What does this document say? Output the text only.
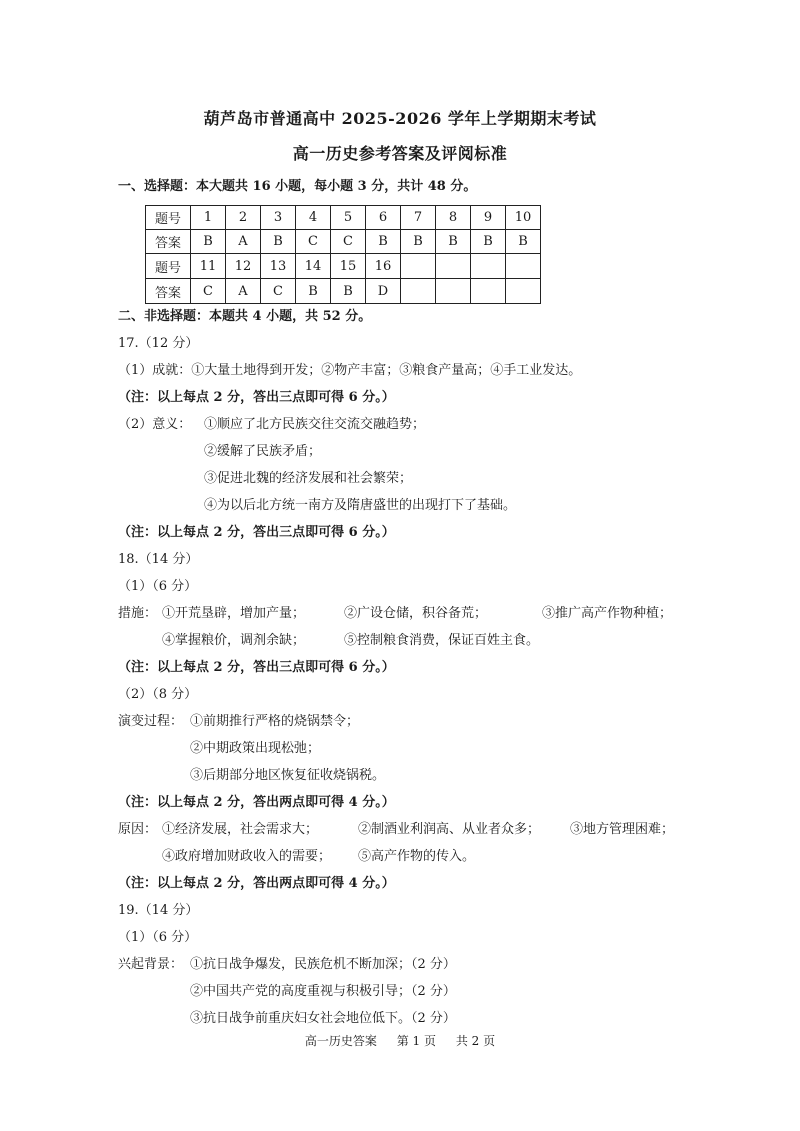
葫芦岛市普通高中 2025-2026 学年上学期期末考试
高一历史参考答案及评阅标准
一、选择题：本大题共 16 小题，每小题 3 分，共计 48 分。
题号	1	2	3	4	5	6	7	8	9	10
答案	B	A	B	C	C	B	B	B	B	B
题号	11	12	13	14	15	16				
答案	C	A	C	B	B	D				
二、非选择题：本题共 4 小题，共 52 分。
17.（12 分）
（1）成就：①大量土地得到开发；②物产丰富；③粮食产量高；④手工业发达。
（注：以上每点 2 分，答出三点即可得 6 分。）
（2）意义： ①顺应了北方民族交往交流交融趋势；
②缓解了民族矛盾；
③促进北魏的经济发展和社会繁荣；
④为以后北方统一南方及隋唐盛世的出现打下了基础。
（注：以上每点 2 分，答出三点即可得 6 分。）
18.（14 分）
（1）（6 分）
措施： ①开荒垦辟，增加产量；	②广设仓储，积谷备荒；	③推广高产作物种植；
④掌握粮价，调剂余缺；	⑤控制粮食消费，保证百姓主食。
（注：以上每点 2 分，答出三点即可得 6 分。）
（2）（8 分）
演变过程： ①前期推行严格的烧锅禁令；
②中期政策出现松弛；
③后期部分地区恢复征收烧锅税。
（注：以上每点 2 分，答出两点即可得 4 分。）
原因： ①经济发展，社会需求大；	②制酒业利润高、从业者众多； ③地方管理困难；
④政府增加财政收入的需要； ⑤高产作物的传入。
（注：以上每点 2 分，答出两点即可得 4 分。）
19.（14 分）
（1）（6 分）
兴起背景： ①抗日战争爆发，民族危机不断加深；（2 分）
②中国共产党的高度重视与积极引导；（2 分）
③抗日战争前重庆妇女社会地位低下。（2 分）
高一历史答案 第 1 页 共 2 页
